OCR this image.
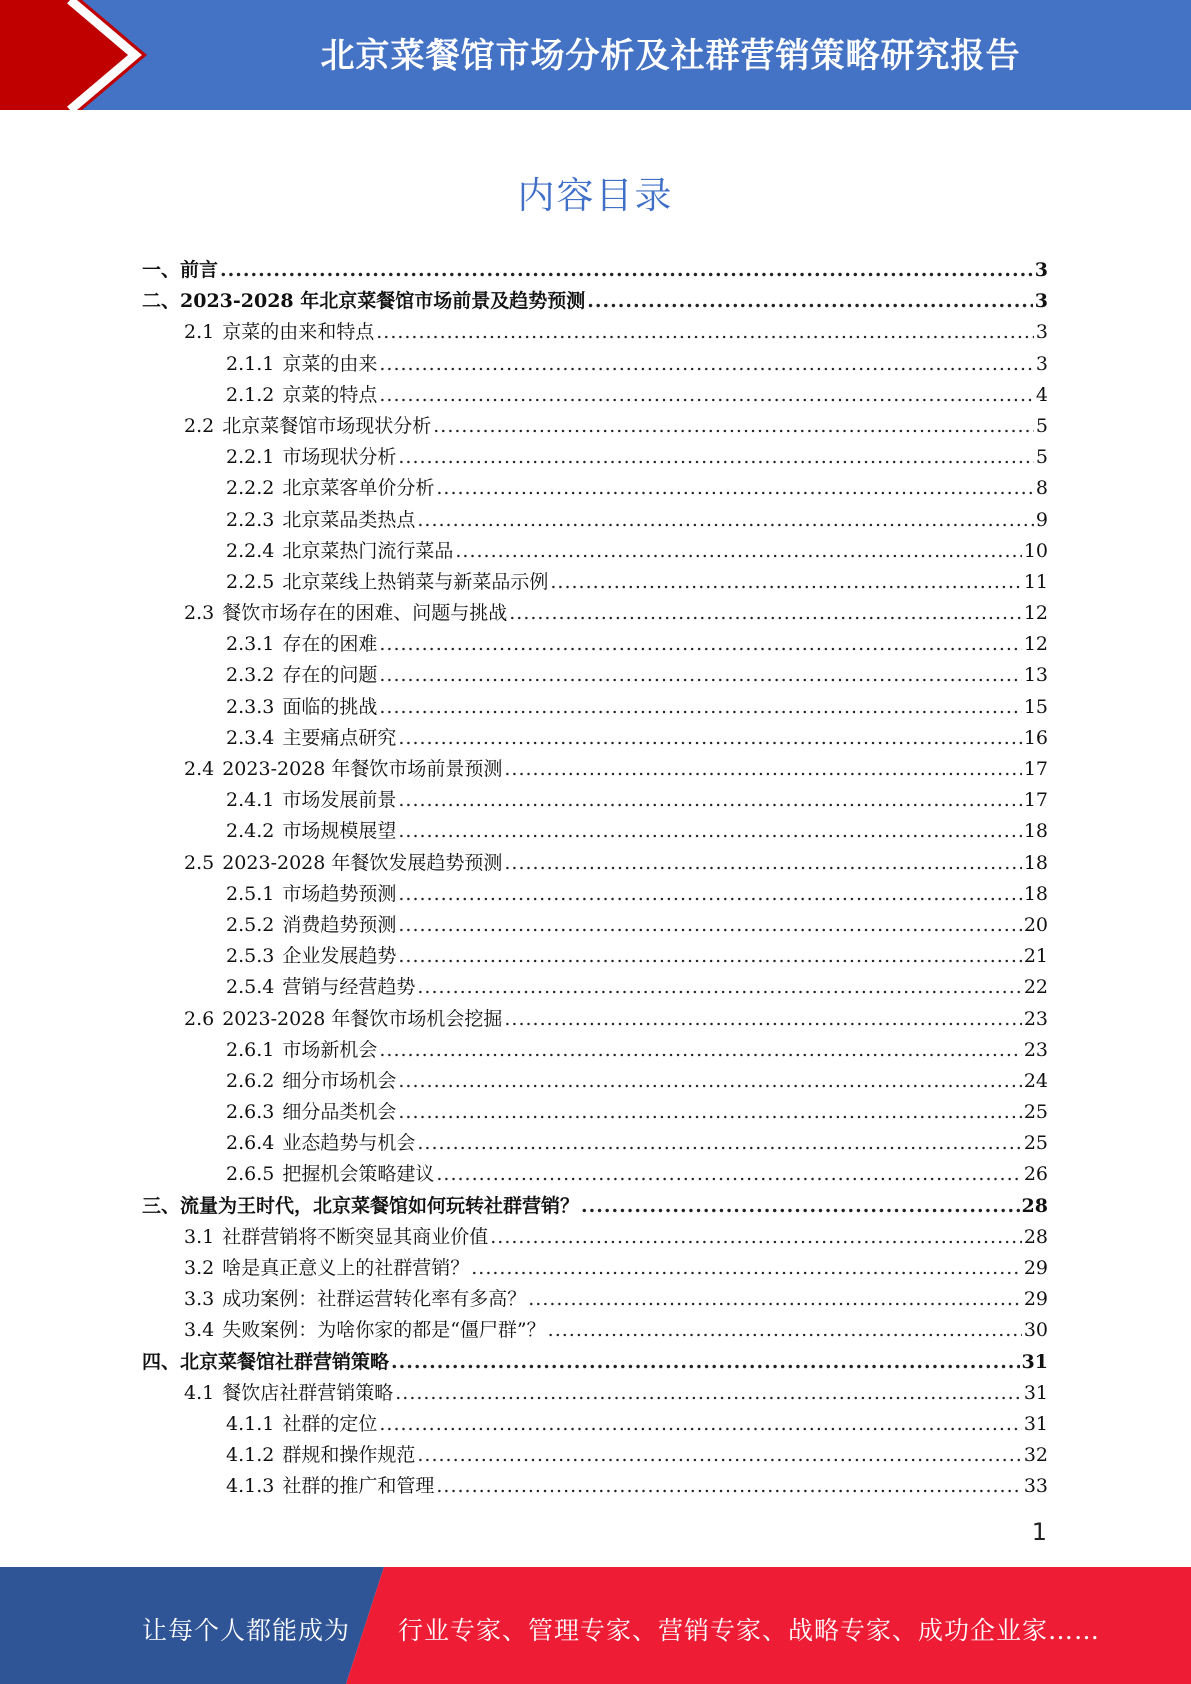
北京菜餐馆市场分析及社群营销策略研究报告
内容目录
一、前言 .....	3
二、2023-2028 年北京菜餐馆市场前景及趋势预测 .....	3
2.1 京菜的由来和特点 .....	3
2.1.1 京菜的由来 .....	3
2.1.2 京菜的特点 .....	4
2.2 北京菜餐馆市场现状分析 .....	5
2.2.1 市场现状分析 .....	5
2.2.2 北京菜客单价分析 .....	8
2.2.3 北京菜品类热点 .....	9
2.2.4 北京菜热门流行菜品 .....	10
2.2.5 北京菜线上热销菜与新菜品示例 .....	11
2.3 餐饮市场存在的困难、问题与挑战 .....	12
2.3.1 存在的困难 .....	12
2.3.2 存在的问题 .....	13
2.3.3 面临的挑战 .....	15
2.3.4 主要痛点研究 .....	16
2.4 2023-2028 年餐饮市场前景预测 .....	17
2.4.1 市场发展前景 .....	17
2.4.2 市场规模展望 .....	18
2.5 2023-2028 年餐饮发展趋势预测 .....	18
2.5.1 市场趋势预测 .....	18
2.5.2 消费趋势预测 .....	20
2.5.3 企业发展趋势 .....	21
2.5.4 营销与经营趋势 .....	22
2.6 2023-2028 年餐饮市场机会挖掘 .....	23
2.6.1 市场新机会 .....	23
2.6.2 细分市场机会 .....	24
2.6.3 细分品类机会 .....	25
2.6.4 业态趋势与机会 .....	25
2.6.5 把握机会策略建议 .....	26
三、流量为王时代，北京菜餐馆如何玩转社群营销？ .....	28
3.1 社群营销将不断突显其商业价值 .....	28
3.2 啥是真正意义上的社群营销？ .....	29
3.3 成功案例：社群运营转化率有多高？ .....	29
3.4 失败案例：为啥你家的都是“僵尸群”？ .....	30
四、北京菜餐馆社群营销策略 .....	31
4.1 餐饮店社群营销策略 .....	31
4.1.1 社群的定位 .....	31
4.1.2 群规和操作规范 .....	32
4.1.3 社群的推广和管理 .....	33
1
让每个人都能成为 行业专家、管理专家、营销专家、战略专家、成功企业家……
